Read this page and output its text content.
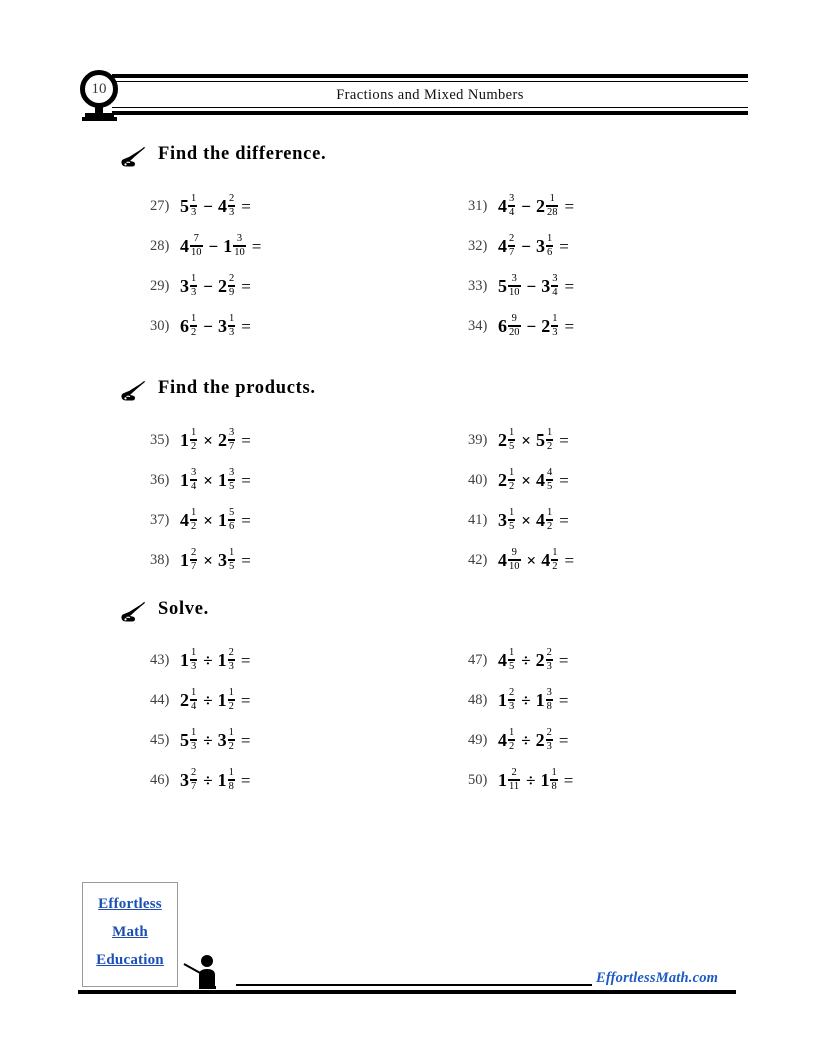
Fractions and Mixed Numbers
10
Find the difference.
27) $5 \frac{1}{3} - 4 \frac{2}{3}$ =
28) $4 \frac{7}{10} - 1 \frac{3}{10}$ =
29) $3 \frac{1}{3} - 2 \frac{2}{9}$ =
30) $6 \frac{1}{2} - 3 \frac{1}{3}$ =
31) $4 \frac{3}{4} - 2 \frac{1}{28}$ =
32) $4 \frac{2}{7} - 3 \frac{1}{6}$ =
33) $5 \frac{3}{10} - 3 \frac{3}{4}$ =
34) $6 \frac{9}{20} - 2 \frac{1}{3}$ =
Find the products.
35) $1 \frac{1}{2} \times 2 \frac{3}{7}$ =
36) $1 \frac{3}{4} \times 1 \frac{3}{5}$ =
37) $4 \frac{1}{2} \times 1 \frac{5}{6}$ =
38) $1 \frac{2}{7} \times 3 \frac{1}{5}$ =
39) $2 \frac{1}{5} \times 5 \frac{1}{2}$ =
40) $2 \frac{1}{2} \times 4 \frac{4}{5}$ =
41) $3 \frac{1}{5} \times 4 \frac{1}{2}$ =
42) $4 \frac{9}{10} \times 4 \frac{1}{2}$ =
Solve.
43) $1 \frac{1}{3} \div 1 \frac{2}{3}$ =
44) $2 \frac{1}{4} \div 1 \frac{1}{2}$ =
45) $5 \frac{1}{3} \div 3 \frac{1}{2}$ =
46) $3 \frac{2}{7} \div 1 \frac{1}{8}$ =
47) $4 \frac{1}{5} \div 2 \frac{2}{3}$ =
48) $1 \frac{2}{3} \div 1 \frac{3}{8}$ =
49) $4 \frac{1}{2} \div 2 \frac{2}{3}$ =
50) $1 \frac{2}{11} \div 1 \frac{1}{8}$ =
Effortless
Math
Education
EffortlessMath.com
